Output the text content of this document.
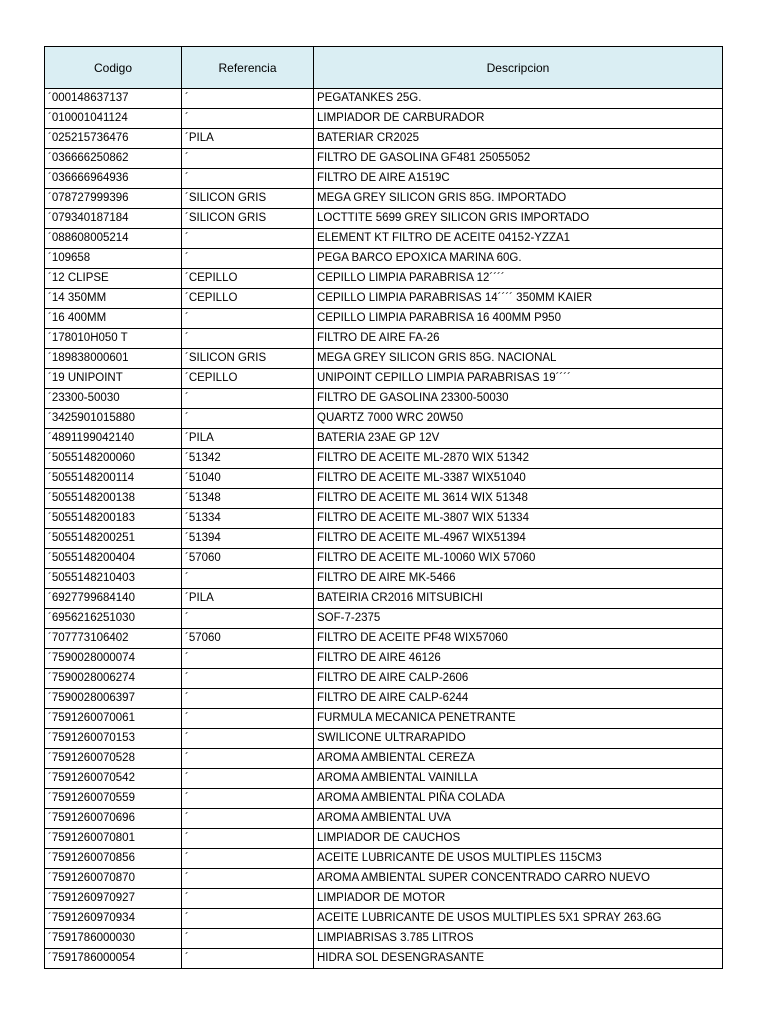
Codigo	Referencia	Descripcion
´000148637137	´	PEGATANKES 25G.
´010001041124	´	LIMPIADOR DE CARBURADOR
´025215736476	´PILA	BATERIAR CR2025
´036666250862	´	FILTRO DE GASOLINA GF481 25055052
´036666964936	´	FILTRO DE AIRE A1519C
´078727999396	´SILICON GRIS	MEGA GREY SILICON GRIS 85G. IMPORTADO
´079340187184	´SILICON GRIS	LOCTTITE 5699 GREY SILICON GRIS IMPORTADO
´088608005214	´	ELEMENT KT FILTRO DE ACEITE 04152-YZZA1
´109658	´	PEGA BARCO EPOXICA MARINA 60G.
´12 CLIPSE	´CEPILLO	CEPILLO LIMPIA PARABRISA 12´´´´
´14 350MM	´CEPILLO	CEPILLO LIMPIA PARABRISAS 14´´´´ 350MM KAIER
´16 400MM	´	CEPILLO LIMPIA PARABRISA 16 400MM P950
´178010H050 T	´	FILTRO DE AIRE FA-26
´189838000601	´SILICON GRIS	MEGA GREY SILICON GRIS 85G. NACIONAL
´19 UNIPOINT	´CEPILLO	UNIPOINT CEPILLO LIMPIA PARABRISAS 19´´´´
´23300-50030	´	FILTRO DE GASOLINA 23300-50030
´3425901015880	´	QUARTZ 7000 WRC 20W50
´4891199042140	´PILA	BATERIA 23AE GP 12V
´5055148200060	´51342	FILTRO DE ACEITE ML-2870 WIX 51342
´5055148200114	´51040	FILTRO DE ACEITE ML-3387 WIX51040
´5055148200138	´51348	FILTRO DE ACEITE ML 3614 WIX 51348
´5055148200183	´51334	FILTRO DE ACEITE ML-3807 WIX 51334
´5055148200251	´51394	FILTRO DE ACEITE ML-4967 WIX51394
´5055148200404	´57060	FILTRO DE ACEITE ML-10060 WIX 57060
´5055148210403	´	FILTRO DE AIRE MK-5466
´6927799684140	´PILA	BATEIRIA CR2016 MITSUBICHI
´6956216251030	´	SOF-7-2375
´707773106402	´57060	FILTRO DE ACEITE PF48 WIX57060
´7590028000074	´	FILTRO DE AIRE 46126
´7590028006274	´	FILTRO DE AIRE CALP-2606
´7590028006397	´	FILTRO DE AIRE CALP-6244
´7591260070061	´	FURMULA MECANICA PENETRANTE
´7591260070153	´	SWILICONE ULTRARAPIDO
´7591260070528	´	AROMA AMBIENTAL CEREZA
´7591260070542	´	AROMA AMBIENTAL VAINILLA
´7591260070559	´	AROMA AMBIENTAL PIÑA COLADA
´7591260070696	´	AROMA AMBIENTAL UVA
´7591260070801	´	LIMPIADOR DE CAUCHOS
´7591260070856	´	ACEITE LUBRICANTE DE USOS MULTIPLES 115CM3
´7591260070870	´	AROMA AMBIENTAL SUPER CONCENTRADO CARRO NUEVO
´7591260970927	´	LIMPIADOR DE MOTOR
´7591260970934	´	ACEITE LUBRICANTE DE USOS MULTIPLES 5X1 SPRAY 263.6G
´7591786000030	´	LIMPIABRISAS 3.785 LITROS
´7591786000054	´	HIDRA SOL DESENGRASANTE
